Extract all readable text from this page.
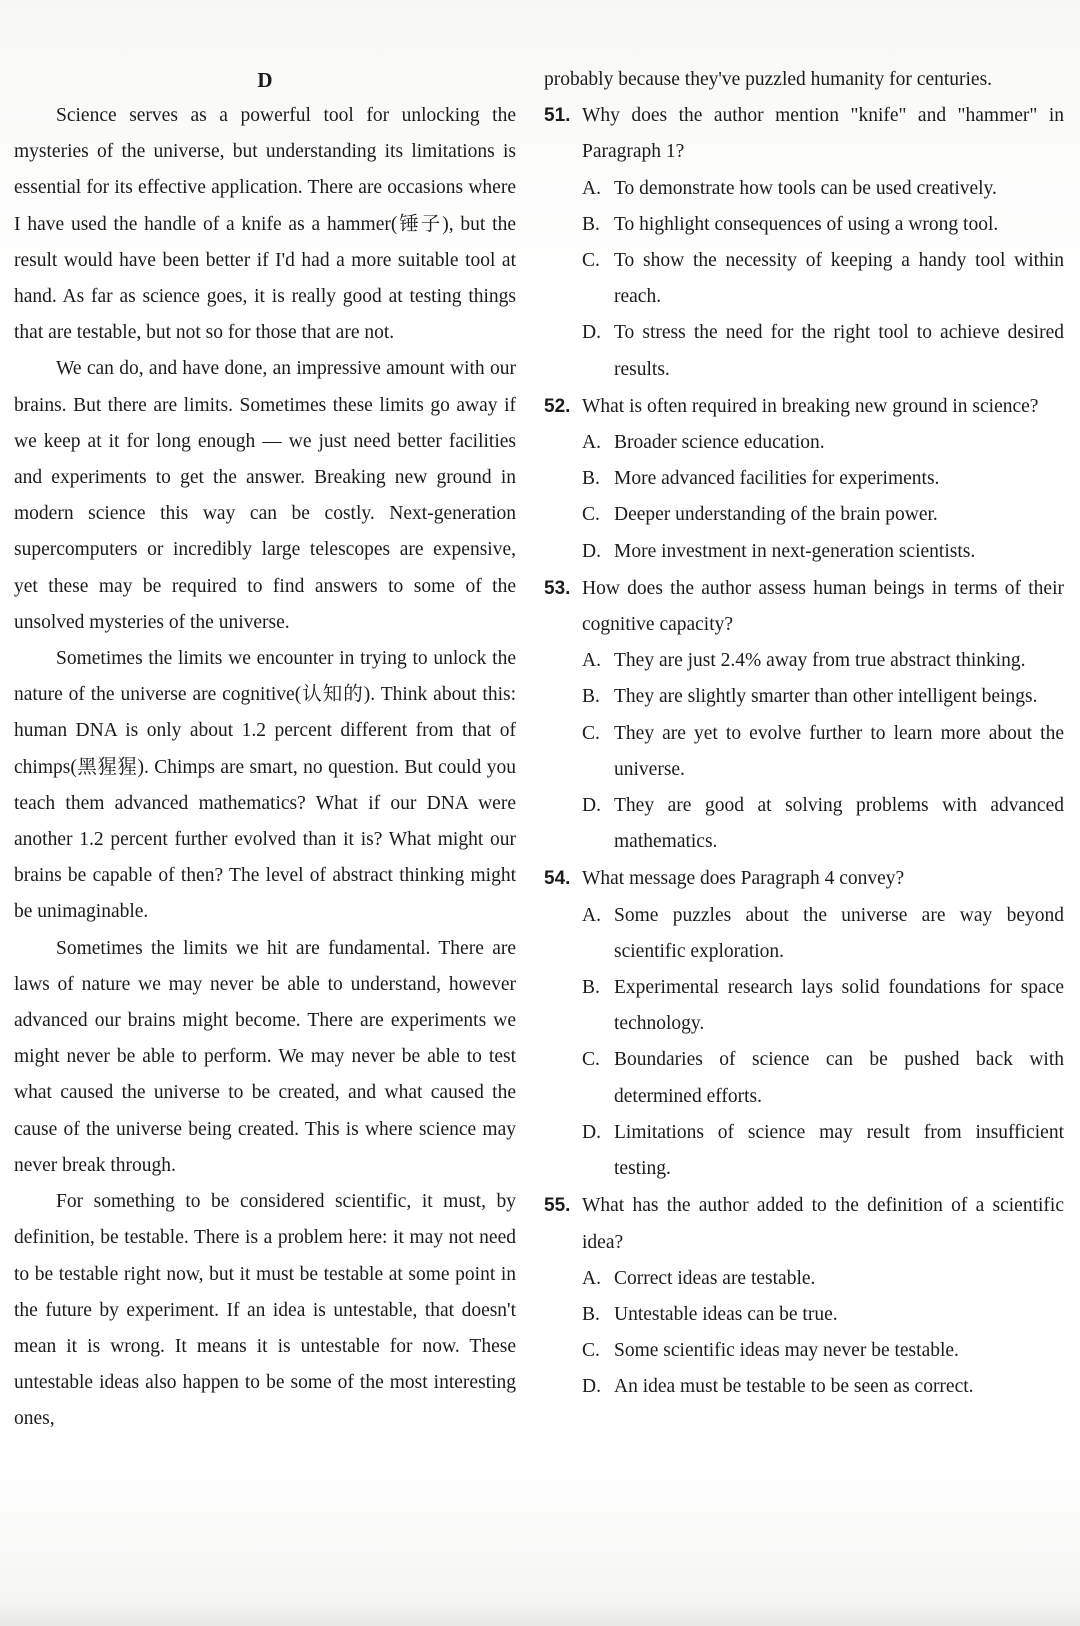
D

Science serves as a powerful tool for unlocking the mysteries of the universe, but understanding its limitations is essential for its effective application. There are occasions where I have used the handle of a knife as a hammer(锤子), but the result would have been better if I'd had a more suitable tool at hand. As far as science goes, it is really good at testing things that are testable, but not so for those that are not.

We can do, and have done, an impressive amount with our brains. But there are limits. Sometimes these limits go away if we keep at it for long enough — we just need better facilities and experiments to get the answer. Breaking new ground in modern science this way can be costly. Next-generation supercomputers or incredibly large telescopes are expensive, yet these may be required to find answers to some of the unsolved mysteries of the universe.

Sometimes the limits we encounter in trying to unlock the nature of the universe are cognitive(认知的). Think about this: human DNA is only about 1.2 percent different from that of chimps(黑猩猩). Chimps are smart, no question. But could you teach them advanced mathematics? What if our DNA were another 1.2 percent further evolved than it is? What might our brains be capable of then? The level of abstract thinking might be unimaginable.

Sometimes the limits we hit are fundamental. There are laws of nature we may never be able to understand, however advanced our brains might become. There are experiments we might never be able to perform. We may never be able to test what caused the universe to be created, and what caused the cause of the universe being created. This is where science may never break through.

For something to be considered scientific, it must, by definition, be testable. There is a problem here: it may not need to be testable right now, but it must be testable at some point in the future by experiment. If an idea is untestable, that doesn't mean it is wrong. It means it is untestable for now. These untestable ideas also happen to be some of the most interesting ones,

probably because they've puzzled humanity for centuries.
51. Why does the author mention "knife" and "hammer" in Paragraph 1?
A. To demonstrate how tools can be used creatively.
B. To highlight consequences of using a wrong tool.
C. To show the necessity of keeping a handy tool within reach.
D. To stress the need for the right tool to achieve desired results.
52. What is often required in breaking new ground in science?
A. Broader science education.
B. More advanced facilities for experiments.
C. Deeper understanding of the brain power.
D. More investment in next-generation scientists.
53. How does the author assess human beings in terms of their cognitive capacity?
A. They are just 2.4% away from true abstract thinking.
B. They are slightly smarter than other intelligent beings.
C. They are yet to evolve further to learn more about the universe.
D. They are good at solving problems with advanced mathematics.
54. What message does Paragraph 4 convey?
A. Some puzzles about the universe are way beyond scientific exploration.
B. Experimental research lays solid foundations for space technology.
C. Boundaries of science can be pushed back with determined efforts.
D. Limitations of science may result from insufficient testing.
55. What has the author added to the definition of a scientific idea?
A. Correct ideas are testable.
B. Untestable ideas can be true.
C. Some scientific ideas may never be testable.
D. An idea must be testable to be seen as correct.
